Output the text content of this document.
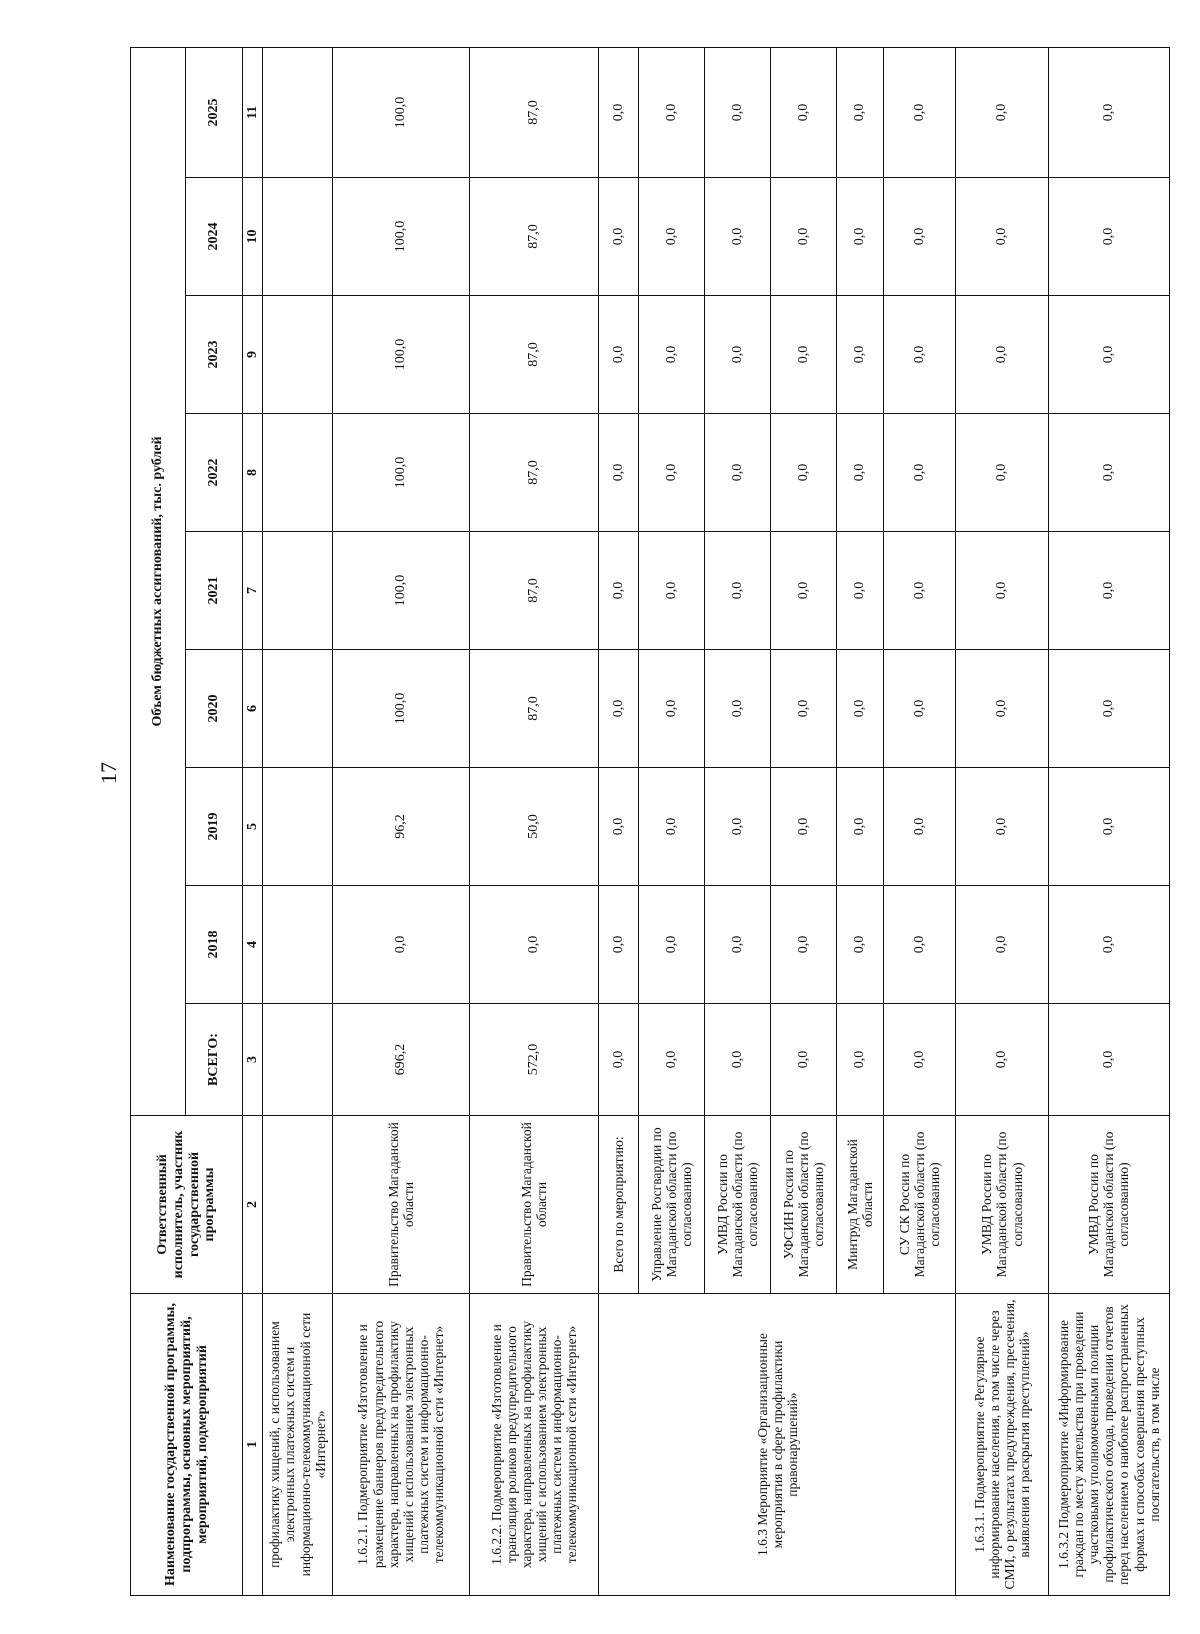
17
Наименование государственной программы, подпрограммы, основных мероприятий, мероприятий, подмероприятий	Ответственный исполнитель, участник государственной программы	Объем бюджетных ассигнований, тыс. рублей								
		ВСЕГО:	2018	2019	2020	2021	2022	2023	2024	2025
1	2	3	4	5	6	7	8	9	10	11
профилактику хищений, с использованием электронных платежных систем и информационно-телекоммуникационной сети «Интернет»										
1.6.2.1. Подмероприятие «Изготовление и размещение баннеров предупредительного характера, направленных на профилактику хищений с использованием электронных платежных систем и информационно-телекоммуникационной сети «Интернет»	Правительство Магаданской области	696,2	0,0	96,2	100,0	100,0	100,0	100,0	100,0	100,0
1.6.2.2. Подмероприятие «Изготовление и трансляция роликов предупредительного характера, направленных на профилактику хищений с использованием электронных платежных систем и информационно-телекоммуникационной сети «Интернет»	Правительство Магаданской области	572,0	0,0	50,0	87,0	87,0	87,0	87,0	87,0	87,0
1.6.3 Мероприятие «Организационные мероприятия в сфере профилактики правонарушений»	Всего по мероприятию:	0,0	0,0	0,0	0,0	0,0	0,0	0,0	0,0	0,0
	Управление Росгвардии по Магаданской области (по согласованию)	0,0	0,0	0,0	0,0	0,0	0,0	0,0	0,0	0,0
	УМВД России по Магаданской области (по согласованию)	0,0	0,0	0,0	0,0	0,0	0,0	0,0	0,0	0,0
	УФСИН России по Магаданской области (по согласованию)	0,0	0,0	0,0	0,0	0,0	0,0	0,0	0,0	0,0
	Минтруд Магаданской области	0,0	0,0	0,0	0,0	0,0	0,0	0,0	0,0	0,0
	СУ СК России по Магаданской области (по согласованию)	0,0	0,0	0,0	0,0	0,0	0,0	0,0	0,0	0,0
1.6.3.1. Подмероприятие «Регулярное информирование населения, в том числе через СМИ, о результатах предупреждения, пресечения, выявления и раскрытия преступлений»	УМВД России по Магаданской области (по согласованию)	0,0	0,0	0,0	0,0	0,0	0,0	0,0	0,0	0,0
1.6.3.2 Подмероприятие «Информирование граждан по месту жительства при проведении участковыми уполномоченными полиции профилактического обхода, проведении отчетов перед населением о наиболее распространенных формах и способах совершения преступных посягательств, в том числе	УМВД России по Магаданской области (по согласованию)	0,0	0,0	0,0	0,0	0,0	0,0	0,0	0,0	0,0
